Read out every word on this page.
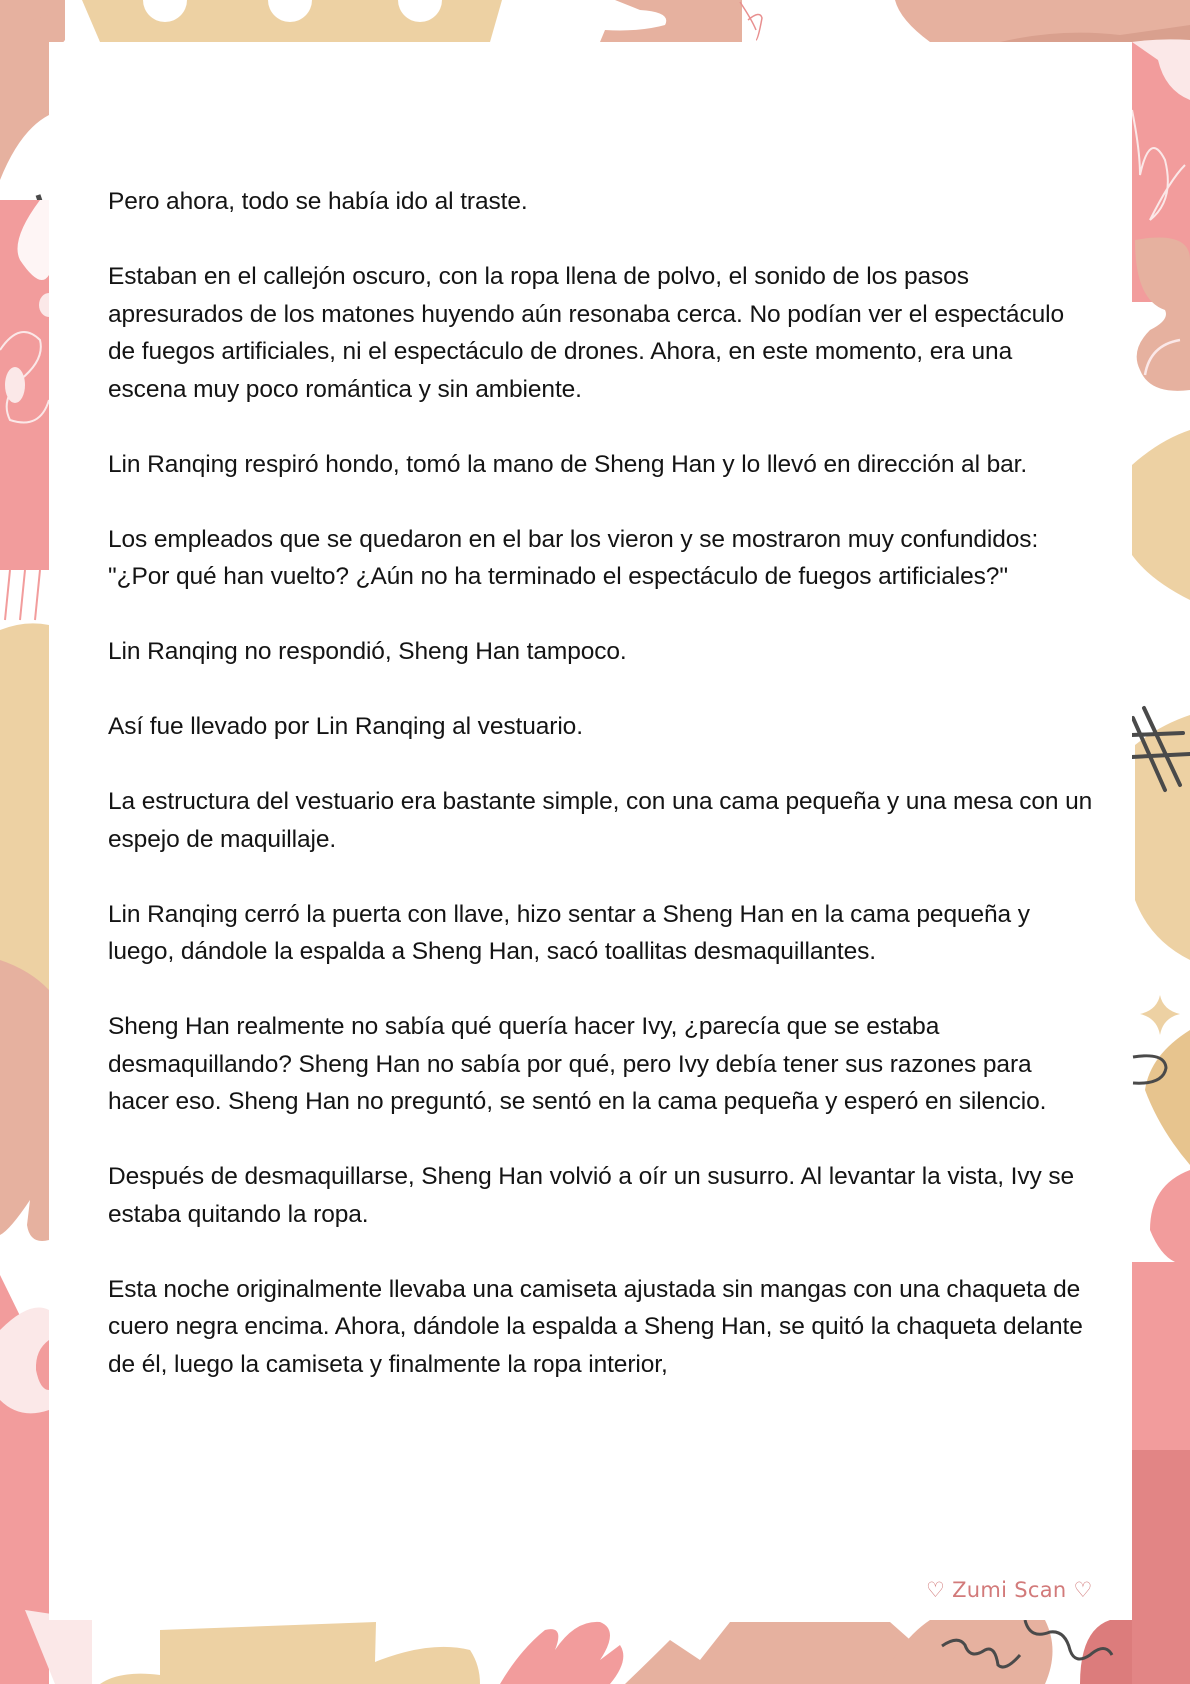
Pero ahora, todo se había ido al traste.

Estaban en el callejón oscuro, con la ropa llena de polvo, el sonido de los pasos apresurados de los matones huyendo aún resonaba cerca. No podían ver el espectáculo de fuegos artificiales, ni el espectáculo de drones. Ahora, en este momento, era una escena muy poco romántica y sin ambiente.

Lin Ranqing respiró hondo, tomó la mano de Sheng Han y lo llevó en dirección al bar.

Los empleados que se quedaron en el bar los vieron y se mostraron muy confundidos: "¿Por qué han vuelto? ¿Aún no ha terminado el espectáculo de fuegos artificiales?"

Lin Ranqing no respondió, Sheng Han tampoco.

Así fue llevado por Lin Ranqing al vestuario.

La estructura del vestuario era bastante simple, con una cama pequeña y una mesa con un espejo de maquillaje.

Lin Ranqing cerró la puerta con llave, hizo sentar a Sheng Han en la cama pequeña y luego, dándole la espalda a Sheng Han, sacó toallitas desmaquillantes.

Sheng Han realmente no sabía qué quería hacer Ivy, ¿parecía que se estaba desmaquillando? Sheng Han no sabía por qué, pero Ivy debía tener sus razones para hacer eso. Sheng Han no preguntó, se sentó en la cama pequeña y esperó en silencio.

Después de desmaquillarse, Sheng Han volvió a oír un susurro. Al levantar la vista, Ivy se estaba quitando la ropa.

Esta noche originalmente llevaba una camiseta ajustada sin mangas con una chaqueta de cuero negra encima. Ahora, dándole la espalda a Sheng Han, se quitó la chaqueta delante de él, luego la camiseta y finalmente la ropa interior,

♡ Zumi Scan ♡
